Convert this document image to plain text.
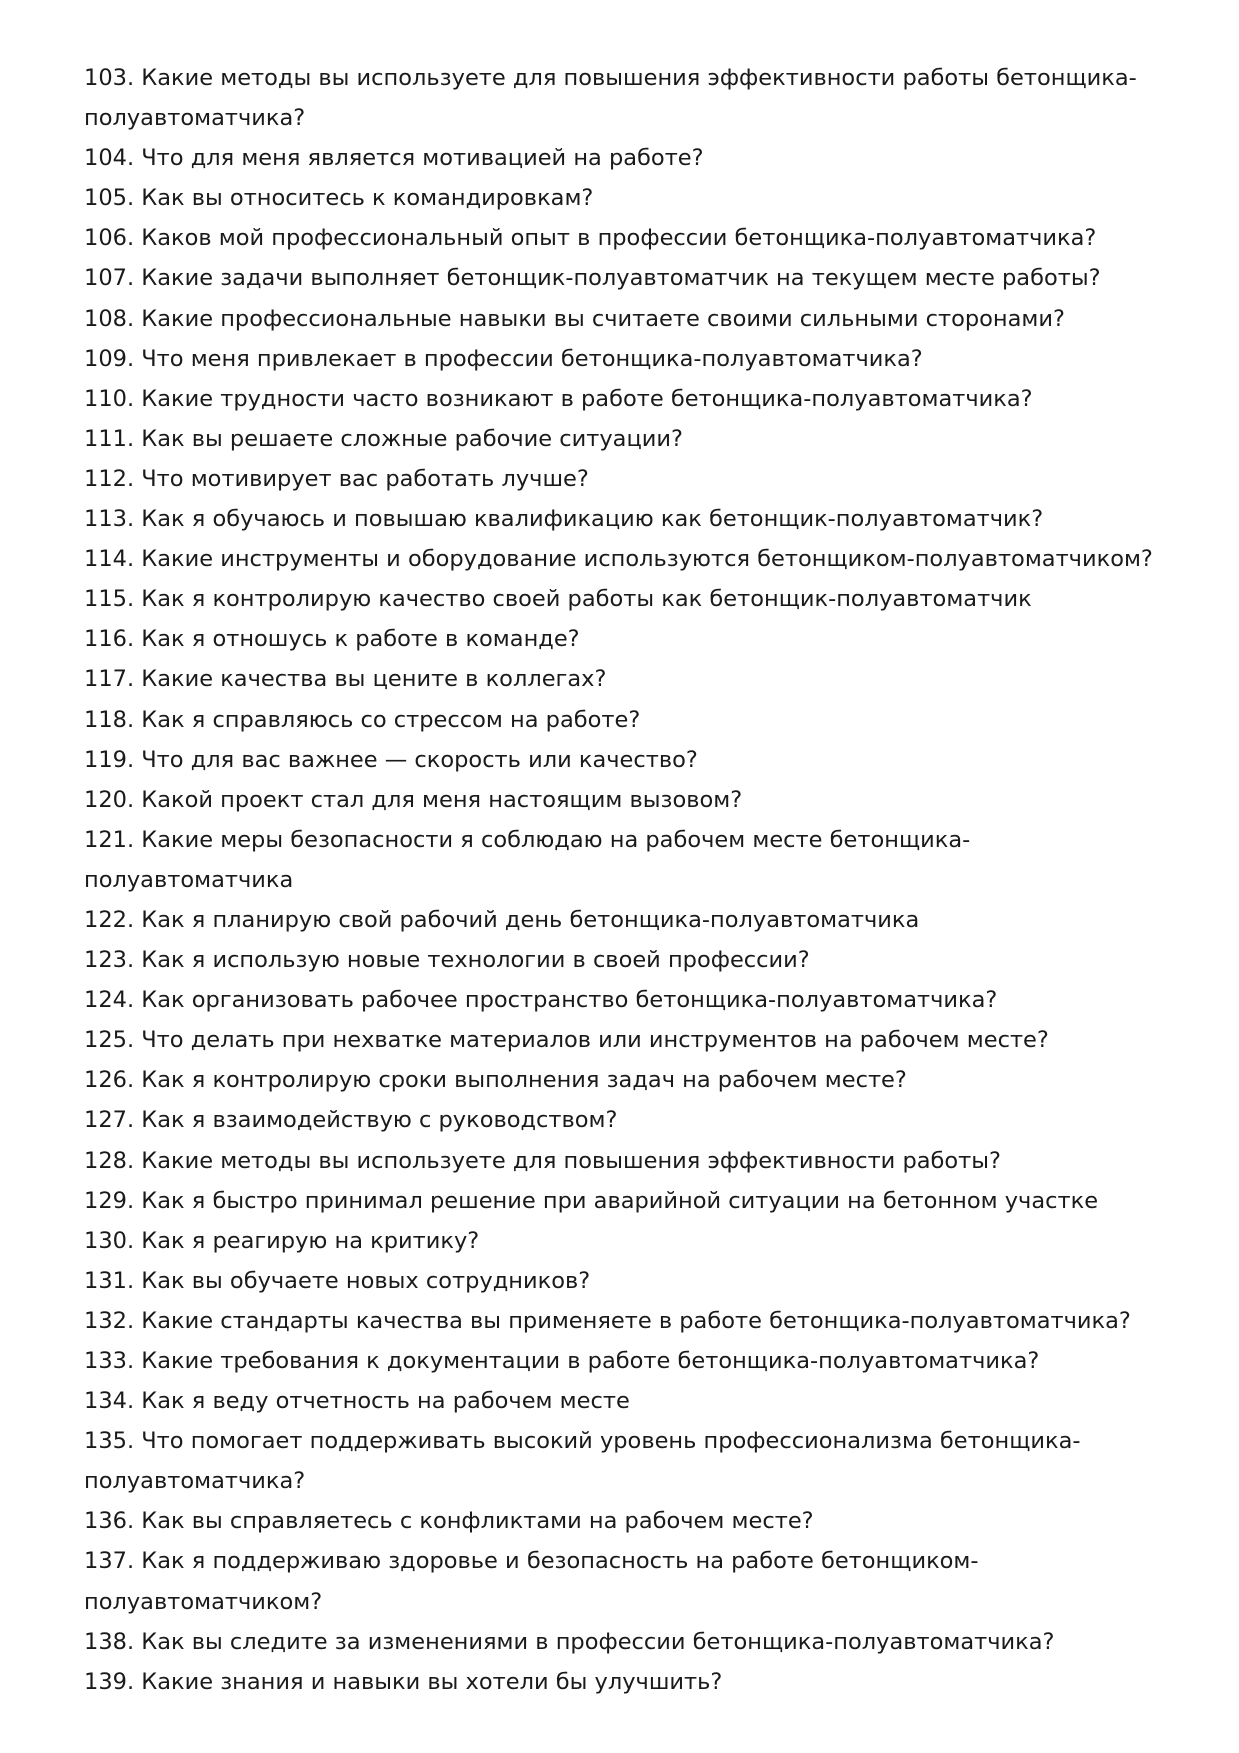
103. Какие методы вы используете для повышения эффективности работы бетонщика-​полуавтоматчика?
104. Что для меня является мотивацией на работе?
105. Как вы относитесь к командировкам?
106. Каков мой профессиональный опыт в профессии бетонщика-полуавтоматчика?
107. Какие задачи выполняет бетонщик-полуавтоматчик на текущем месте работы?
108. Какие профессиональные навыки вы считаете своими сильными сторонами?
109. Что меня привлекает в профессии бетонщика-полуавтоматчика?
110. Какие трудности часто возникают в работе бетонщика-полуавтоматчика?
111. Как вы решаете сложные рабочие ситуации?
112. Что мотивирует вас работать лучше?
113. Как я обучаюсь и повышаю квалификацию как бетонщик-полуавтоматчик?
114. Какие инструменты и оборудование используются бетонщиком-полуавтоматчиком?
115. Как я контролирую качество своей работы как бетонщик-полуавтоматчик
116. Как я отношусь к работе в команде?
117. Какие качества вы цените в коллегах?
118. Как я справляюсь со стрессом на работе?
119. Что для вас важнее — скорость или качество?
120. Какой проект стал для меня настоящим вызовом?
121. Какие меры безопасности я соблюдаю на рабочем месте бетонщика-полуавтоматчика
122. Как я планирую свой рабочий день бетонщика-полуавтоматчика
123. Как я использую новые технологии в своей профессии?
124. Как организовать рабочее пространство бетонщика-полуавтоматчика?
125. Что делать при нехватке материалов или инструментов на рабочем месте?
126. Как я контролирую сроки выполнения задач на рабочем месте?
127. Как я взаимодействую с руководством?
128. Какие методы вы используете для повышения эффективности работы?
129. Как я быстро принимал решение при аварийной ситуации на бетонном участке
130. Как я реагирую на критику?
131. Как вы обучаете новых сотрудников?
132. Какие стандарты качества вы применяете в работе бетонщика-полуавтоматчика?
133. Какие требования к документации в работе бетонщика-полуавтоматчика?
134. Как я веду отчетность на рабочем месте
135. Что помогает поддерживать высокий уровень профессионализма бетонщика-​полуавтоматчика?
136. Как вы справляетесь с конфликтами на рабочем месте?
137. Как я поддерживаю здоровье и безопасность на работе бетонщиком-​полуавтоматчиком?
138. Как вы следите за изменениями в профессии бетонщика-полуавтоматчика?
139. Какие знания и навыки вы хотели бы улучшить?
